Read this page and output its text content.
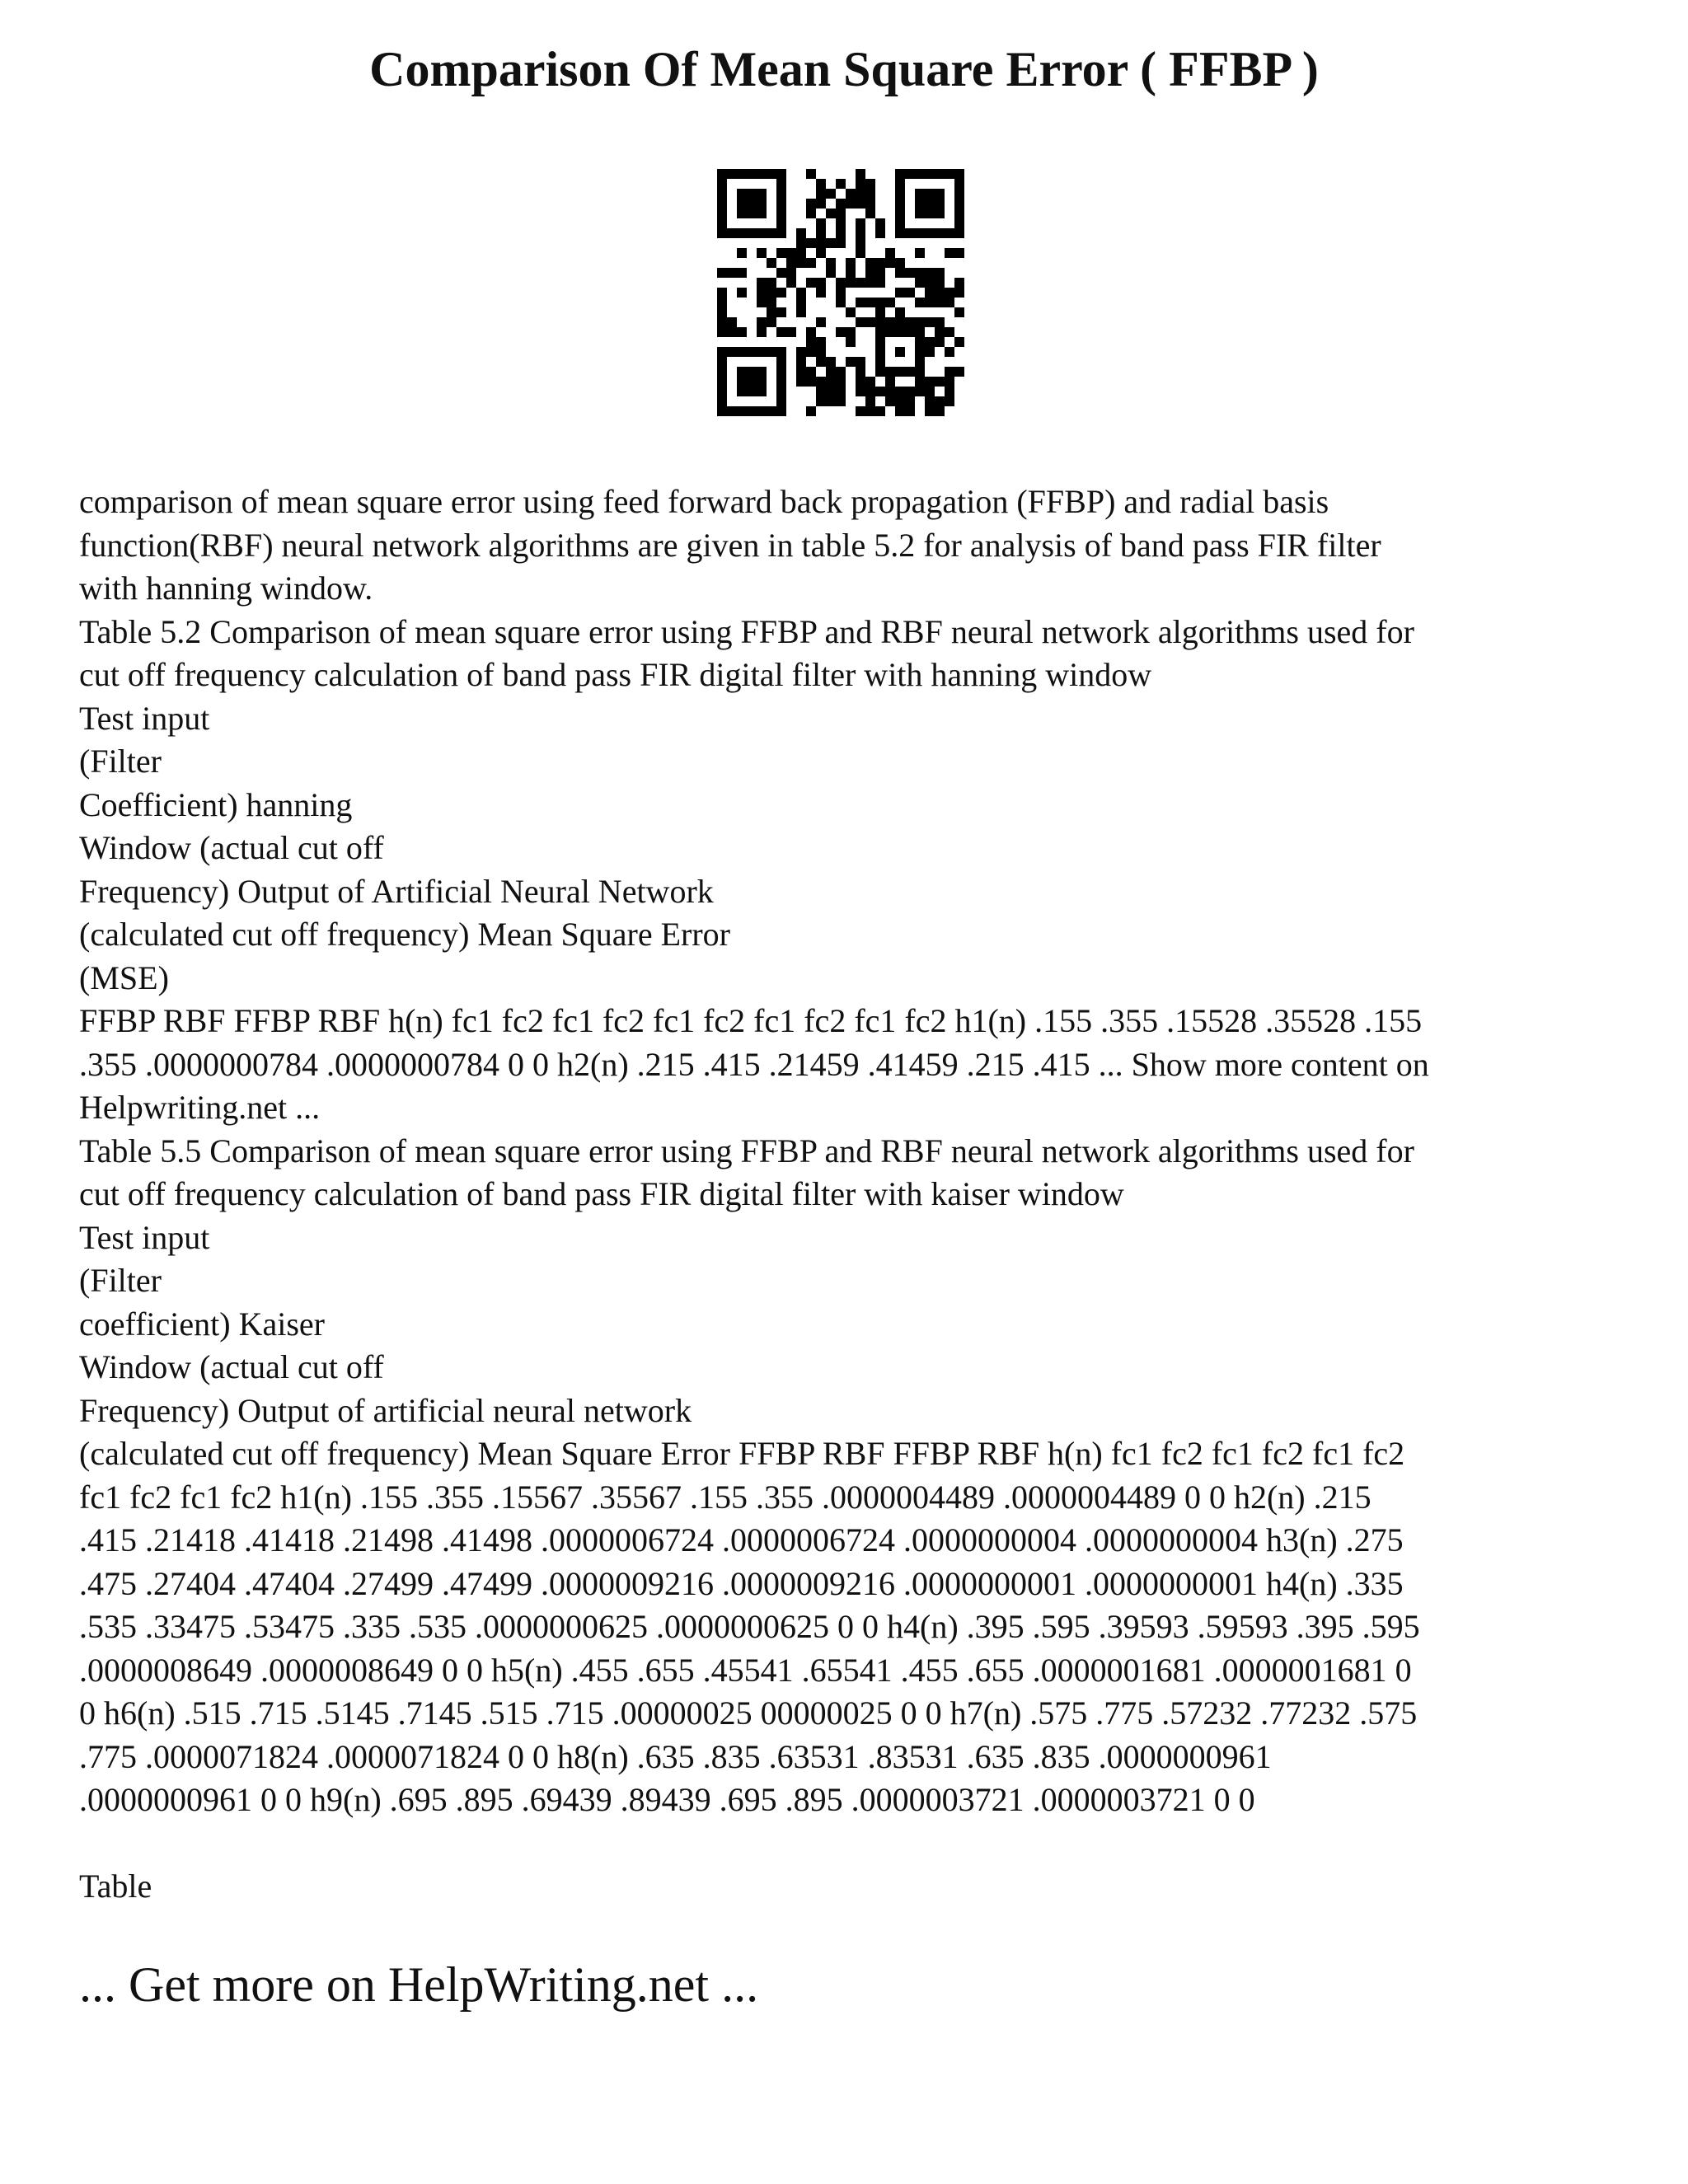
Comparison Of Mean Square Error ( FFBP )
comparison of mean square error using feed forward back propagation (FFBP) and radial basis
function(RBF) neural network algorithms are given in table 5.2 for analysis of band pass FIR filter
with hanning window.
Table 5.2 Comparison of mean square error using FFBP and RBF neural network algorithms used for
cut off frequency calculation of band pass FIR digital filter with hanning window
Test input
(Filter
Coefficient) hanning
Window (actual cut off
Frequency) Output of Artificial Neural Network
(calculated cut off frequency) Mean Square Error
(MSE)
FFBP RBF FFBP RBF h(n) fc1 fc2 fc1 fc2 fc1 fc2 fc1 fc2 fc1 fc2 h1(n) .155 .355 .15528 .35528 .155
.355 .0000000784 .0000000784 0 0 h2(n) .215 .415 .21459 .41459 .215 .415 ... Show more content on
Helpwriting.net ...
Table 5.5 Comparison of mean square error using FFBP and RBF neural network algorithms used for
cut off frequency calculation of band pass FIR digital filter with kaiser window
Test input
(Filter
coefficient) Kaiser
Window (actual cut off
Frequency) Output of artificial neural network
(calculated cut off frequency) Mean Square Error FFBP RBF FFBP RBF h(n) fc1 fc2 fc1 fc2 fc1 fc2
fc1 fc2 fc1 fc2 h1(n) .155 .355 .15567 .35567 .155 .355 .0000004489 .0000004489 0 0 h2(n) .215
.415 .21418 .41418 .21498 .41498 .0000006724 .0000006724 .0000000004 .0000000004 h3(n) .275
.475 .27404 .47404 .27499 .47499 .0000009216 .0000009216 .0000000001 .0000000001 h4(n) .335
.535 .33475 .53475 .335 .535 .0000000625 .0000000625 0 0 h4(n) .395 .595 .39593 .59593 .395 .595
.0000008649 .0000008649 0 0 h5(n) .455 .655 .45541 .65541 .455 .655 .0000001681 .0000001681 0
0 h6(n) .515 .715 .5145 .7145 .515 .715 .00000025 00000025 0 0 h7(n) .575 .775 .57232 .77232 .575
.775 .0000071824 .0000071824 0 0 h8(n) .635 .835 .63531 .83531 .635 .835 .0000000961
.0000000961 0 0 h9(n) .695 .895 .69439 .89439 .695 .895 .0000003721 .0000003721 0 0
Table
... Get more on HelpWriting.net ...
